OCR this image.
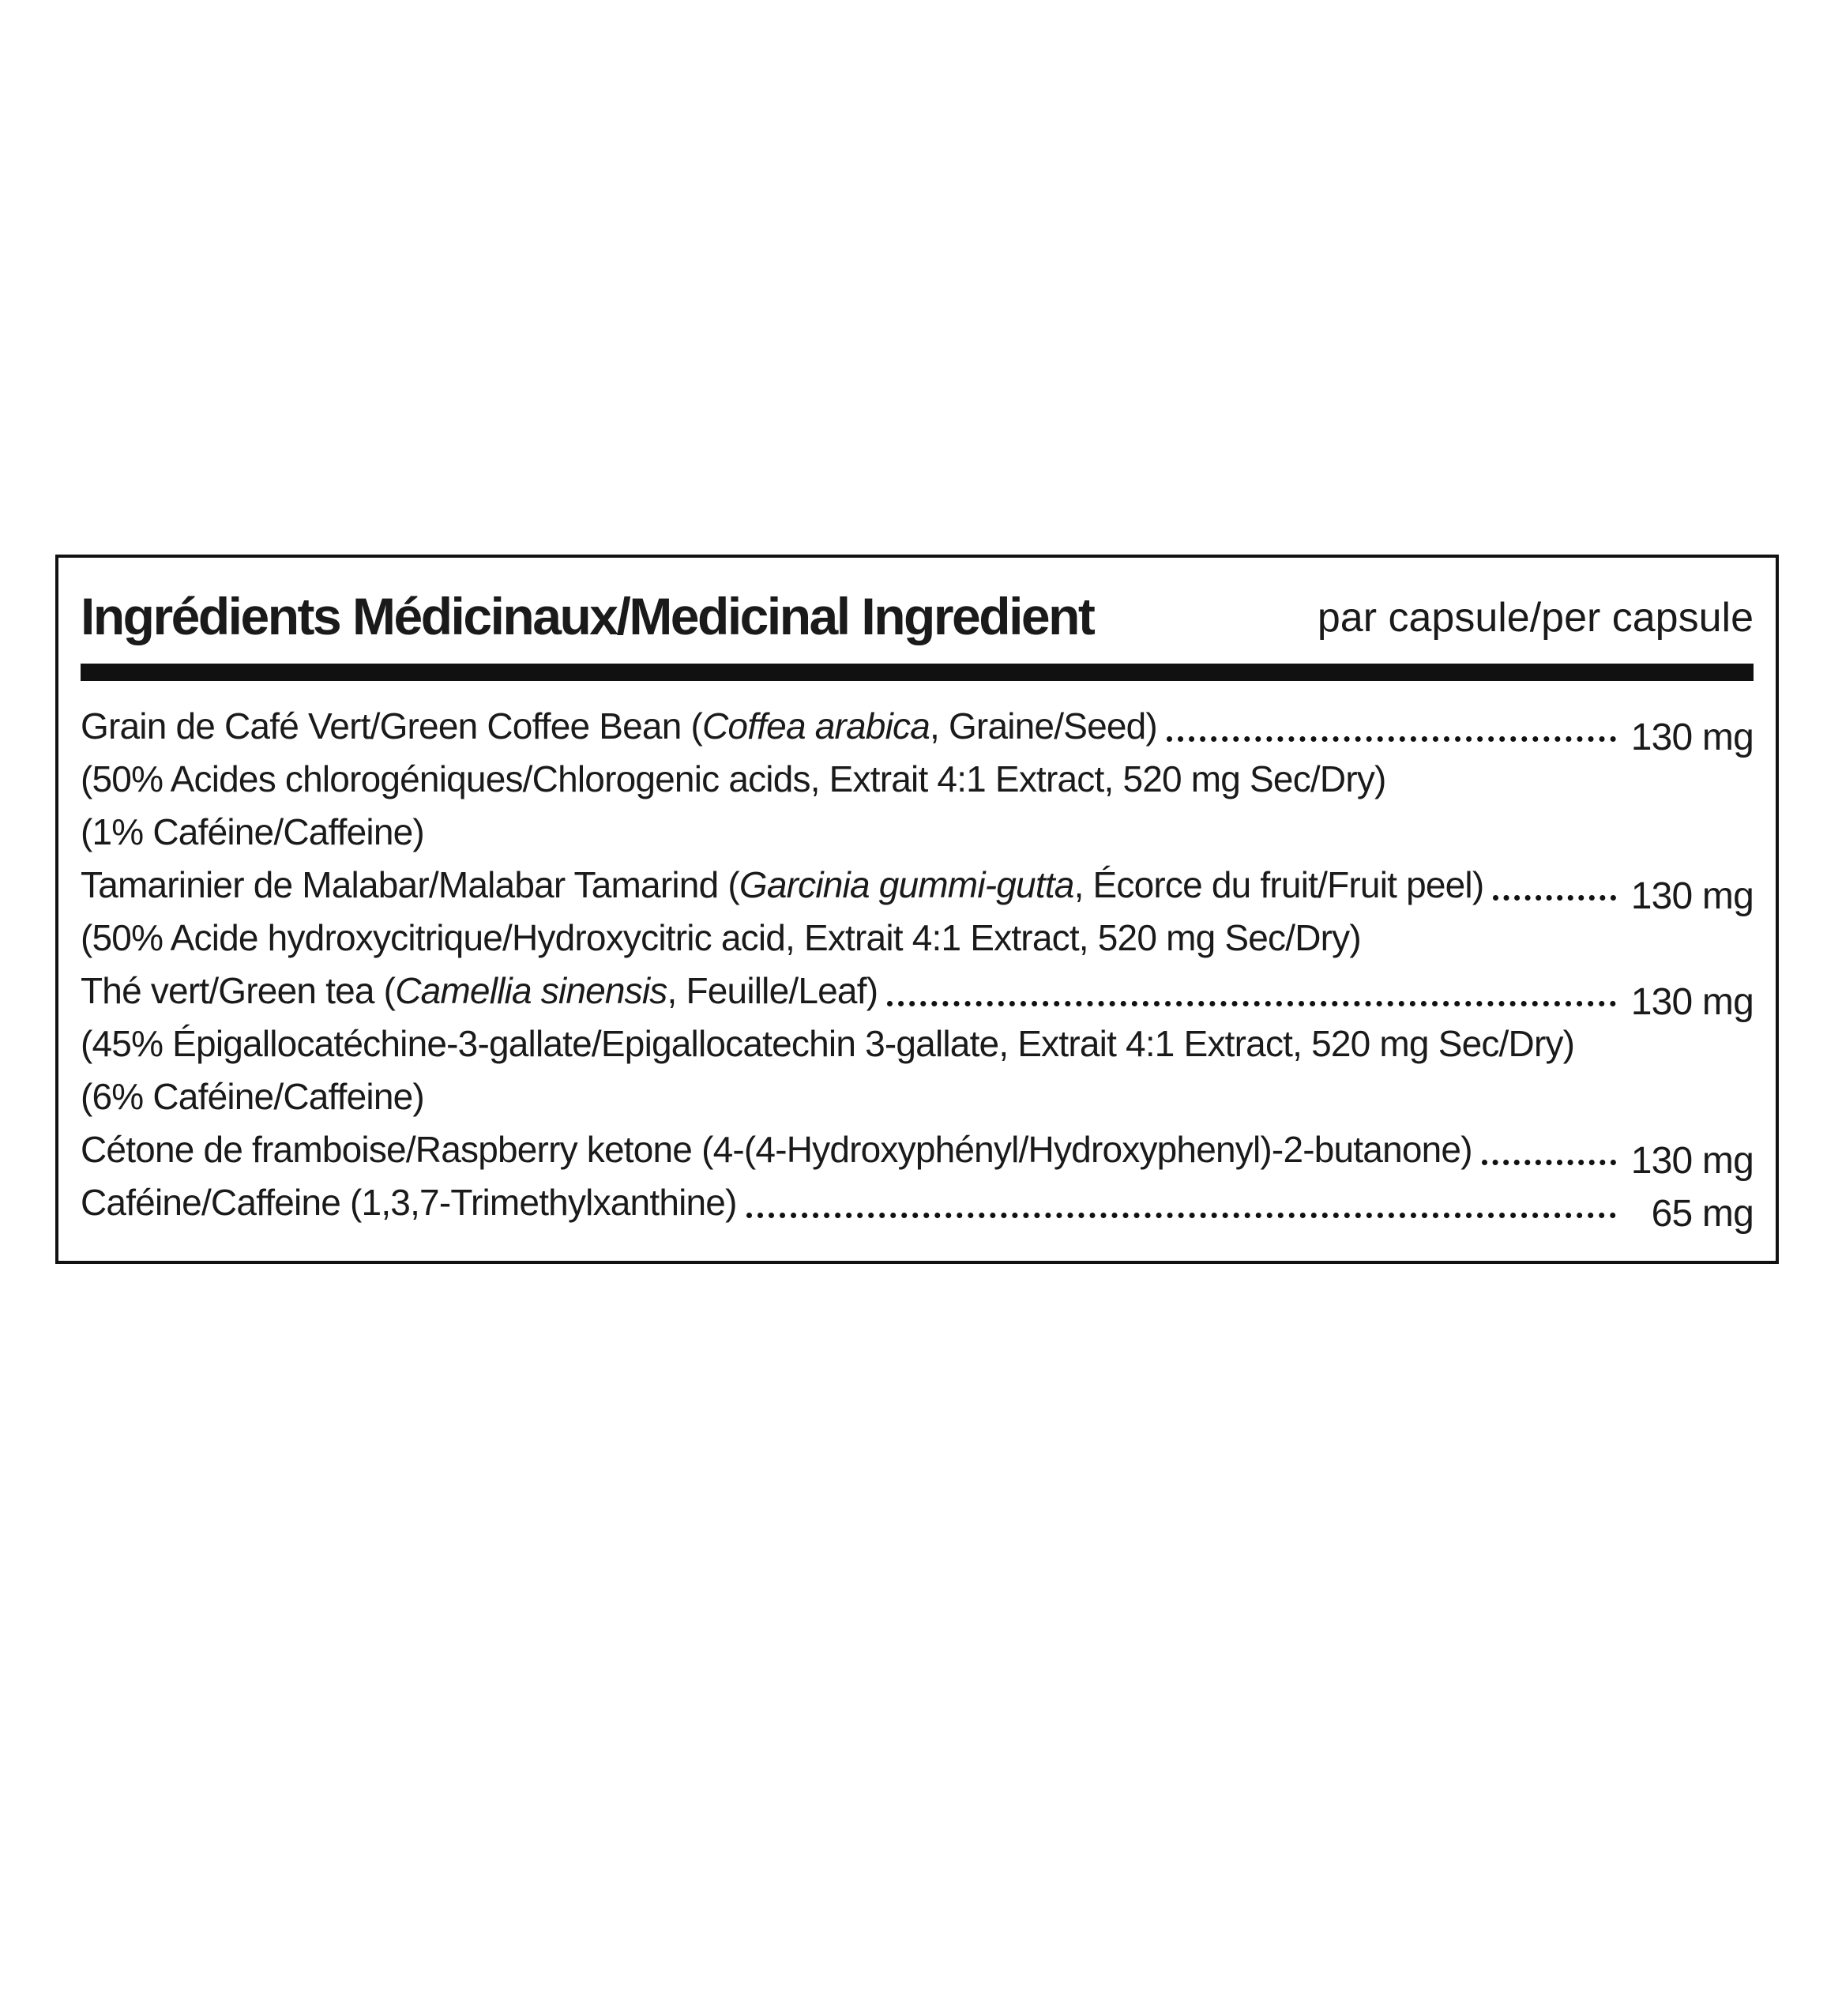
Ingrédients Médicinaux/Medicinal Ingredient	par capsule/per capsule
Grain de Café Vert/Green Coffee Bean (Coffea arabica, Graine/Seed)	130 mg
(50% Acides chlorogéniques/Chlorogenic acids, Extrait 4:1 Extract, 520 mg Sec/Dry)
(1% Caféine/Caffeine)
Tamarinier de Malabar/Malabar Tamarind (Garcinia gummi-gutta, Écorce du fruit/Fruit peel)	130 mg
(50% Acide hydroxycitrique/Hydroxycitric acid, Extrait 4:1 Extract, 520 mg Sec/Dry)
Thé vert/Green tea (Camellia sinensis, Feuille/Leaf)	130 mg
(45% Épigallocatéchine-3-gallate/Epigallocatechin 3-gallate, Extrait 4:1 Extract, 520 mg Sec/Dry)
(6% Caféine/Caffeine)
Cétone de framboise/Raspberry ketone (4-(4-Hydroxyphényl/Hydroxyphenyl)-2-butanone)	130 mg
Caféine/Caffeine (1,3,7-Trimethylxanthine)	65 mg
